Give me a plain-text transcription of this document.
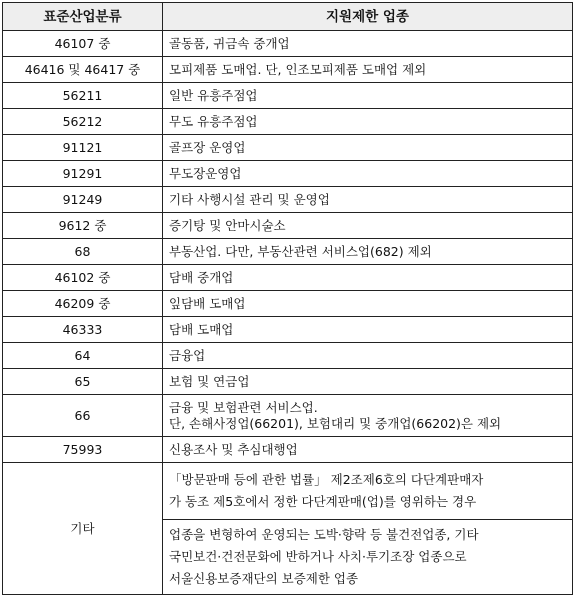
표준산업분류	지원제한 업종
46107 중	골동품, 귀금속 중개업
46416 및 46417 중	모피제품 도매업. 단, 인조모피제품 도매업 제외
56211	일반 유흥주점업
56212	무도 유흥주점업
91121	골프장 운영업
91291	무도장운영업
91249	기타 사행시설 관리 및 운영업
9612 중	증기탕 및 안마시술소
68	부동산업. 다만, 부동산관련 서비스업(682) 제외
46102 중	담배 중개업
46209 중	잎담배 도매업
46333	담배 도매업
64	금융업
65	보험 및 연금업
66	금융 및 보험관련 서비스업.
단, 손해사정업(66201), 보험대리 및 중개업(66202)은 제외

75993	신용조사 및 추심대행업
기타	「방문판매 등에 관한 법률」 제2조제6호의 다단계판매자
가 동조 제5호에서 정한 다단계판매(업)를 영위하는 경우

	업종을 변형하여 운영되는 도박·향락 등 불건전업종, 기타
국민보건·건전문화에 반하거나 사치·투기조장 업종으로
서울신용보증재단의 보증제한 업종
